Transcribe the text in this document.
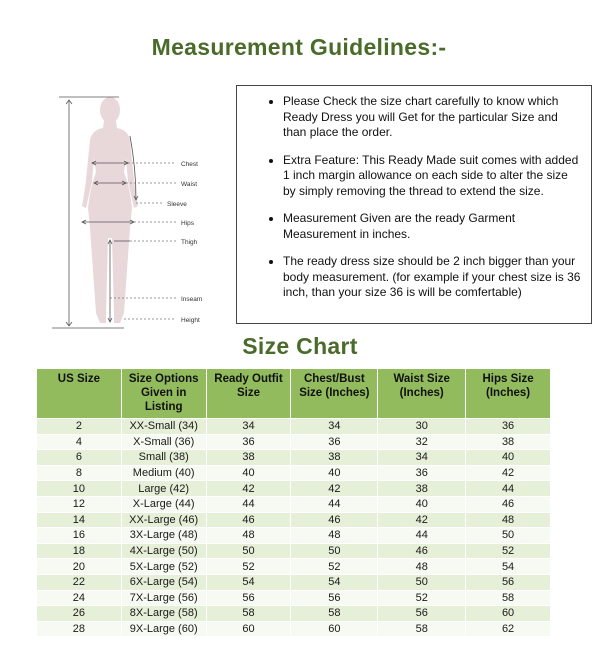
Measurement Guidelines:-
Chest
Waist
Sleeve
Hips
Thigh
Inseam
Height
• Please Check the size chart carefully to know which Ready Dress you will Get for the particular Size and than place the order.
• Extra Feature: This Ready Made suit comes with added 1 inch margin allowance on each side to alter the size by simply removing the thread to extend the size.
• Measurement Given are the ready Garment Measurement in inches.
• The ready dress size should be 2 inch bigger than your body measurement. (for example if your chest size is 36 inch, than your size 36 is will be comfertable)
Size Chart
US Size	Size Options Given in Listing	Ready Outfit Size	Chest/Bust Size (Inches)	Waist Size (Inches)	Hips Size (Inches)
2	XX-Small (34)	34	34	30	36
4	X-Small (36)	36	36	32	38
6	Small (38)	38	38	34	40
8	Medium (40)	40	40	36	42
10	Large (42)	42	42	38	44
12	X-Large (44)	44	44	40	46
14	XX-Large (46)	46	46	42	48
16	3X-Large (48)	48	48	44	50
18	4X-Large (50)	50	50	46	52
20	5X-Large (52)	52	52	48	54
22	6X-Large (54)	54	54	50	56
24	7X-Large (56)	56	56	52	58
26	8X-Large (58)	58	58	56	60
28	9X-Large (60)	60	60	58	62
